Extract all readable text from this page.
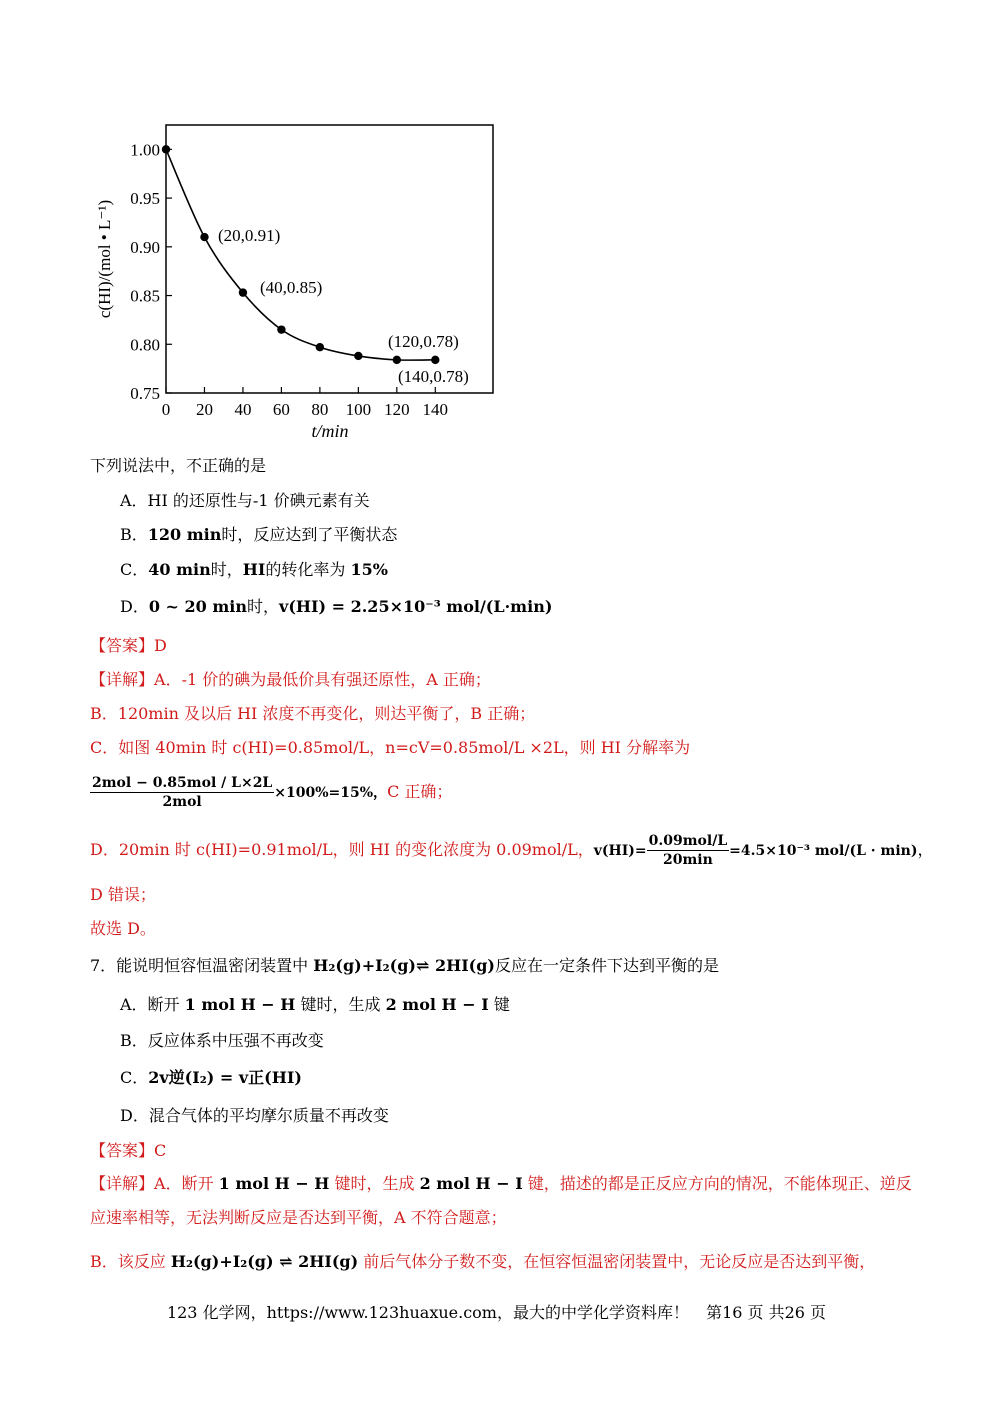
1.00
0.95
0.90
0.85
0.80
0.75
0 20 40 60 80 100 120 140
(20,0.91)
(40,0.85)
(120,0.78)
(140,0.78)
t/min
c(HI)/(mol • L⁻¹)
下列说法中，不正确的是
A．HI 的还原性与-1 价碘元素有关
B．120 min时，反应达到了平衡状态
C．40 min时，HI的转化率为 15%
D．0 ~ 20 min时，v(HI) = 2.25×10⁻³ mol/(L·min)
【答案】D
【详解】A．-1 价的碘为最低价具有强还原性，A 正确；
B．120min 及以后 HI 浓度不再变化，则达平衡了，B 正确；
C．如图 40min 时 c(HI)=0.85mol/L，n=cV=0.85mol/L ×2L，则 HI 分解率为
$\frac{\text{2mol − 0.85mol / L×2L}}{\text{2mol}} \times 100\%=15\%$，C 正确；
D．20min 时 c(HI)=0.91mol/L，则 HI 的变化浓度为 0.09mol/L，$v(HI)= \frac{\text{0.09mol/L}}{20\min} =4.5\times 10^{-3}$ mol/(L · min)，
D 错误；
故选 D。
7．能说明恒容恒温密闭装置中 H₂(g)+I₂(g)⇌ 2HI(g)反应在一定条件下达到平衡的是
A．断开 1 mol H − H 键时，生成 2 mol H − I 键
B．反应体系中压强不再改变
C．2v逆(I₂) = v正(HI)
D．混合气体的平均摩尔质量不再改变
【答案】C
【详解】A．断开 1 mol H − H 键时，生成 2 mol H − I 键，描述的都是正反应方向的情况，不能体现正、逆反
应速率相等，无法判断反应是否达到平衡，A 不符合题意；
B．该反应 H₂(g)+I₂(g) ⇌ 2HI(g) 前后气体分子数不变，在恒容恒温密闭装置中，无论反应是否达到平衡，
123 化学网，https://www.123huaxue.com，最大的中学化学资料库！ 第16 页 共26 页
